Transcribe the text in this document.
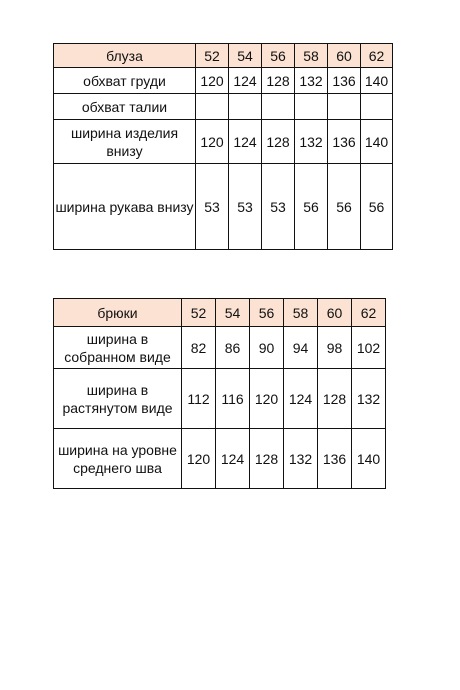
блуза	52	54	56	58	60	62
обхват груди	120	124	128	132	136	140
обхват талии						
ширина изделия внизу	120	124	128	132	136	140
ширина рукава внизу	53	53	53	56	56	56
брюки	52	54	56	58	60	62
ширина в собранном виде	82	86	90	94	98	102
ширина в растянутом виде	112	116	120	124	128	132
ширина на уровне среднего шва	120	124	128	132	136	140
